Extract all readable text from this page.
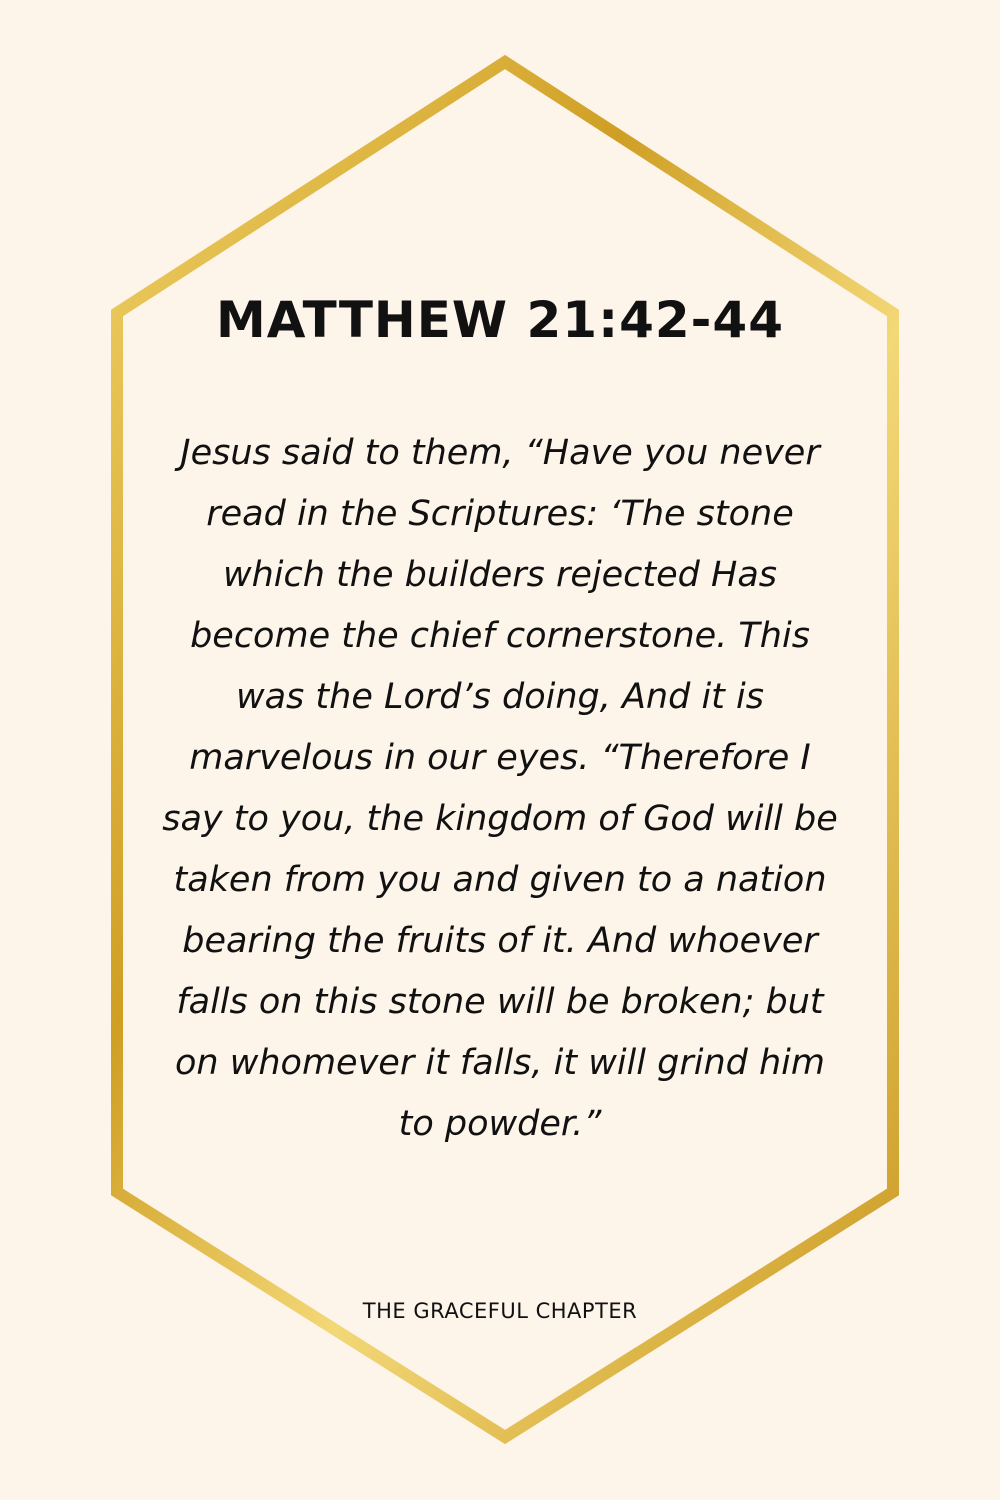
MATTHEW 21:42-44

Jesus said to them, “Have you never read in the Scriptures: ‘The stone which the builders rejected Has become the chief cornerstone. This was the Lord’s doing, And it is marvelous in our eyes. “Therefore I say to you, the kingdom of God will be taken from you and given to a nation bearing the fruits of it. And whoever falls on this stone will be broken; but on whomever it falls, it will grind him to powder.”

THE GRACEFUL CHAPTER
